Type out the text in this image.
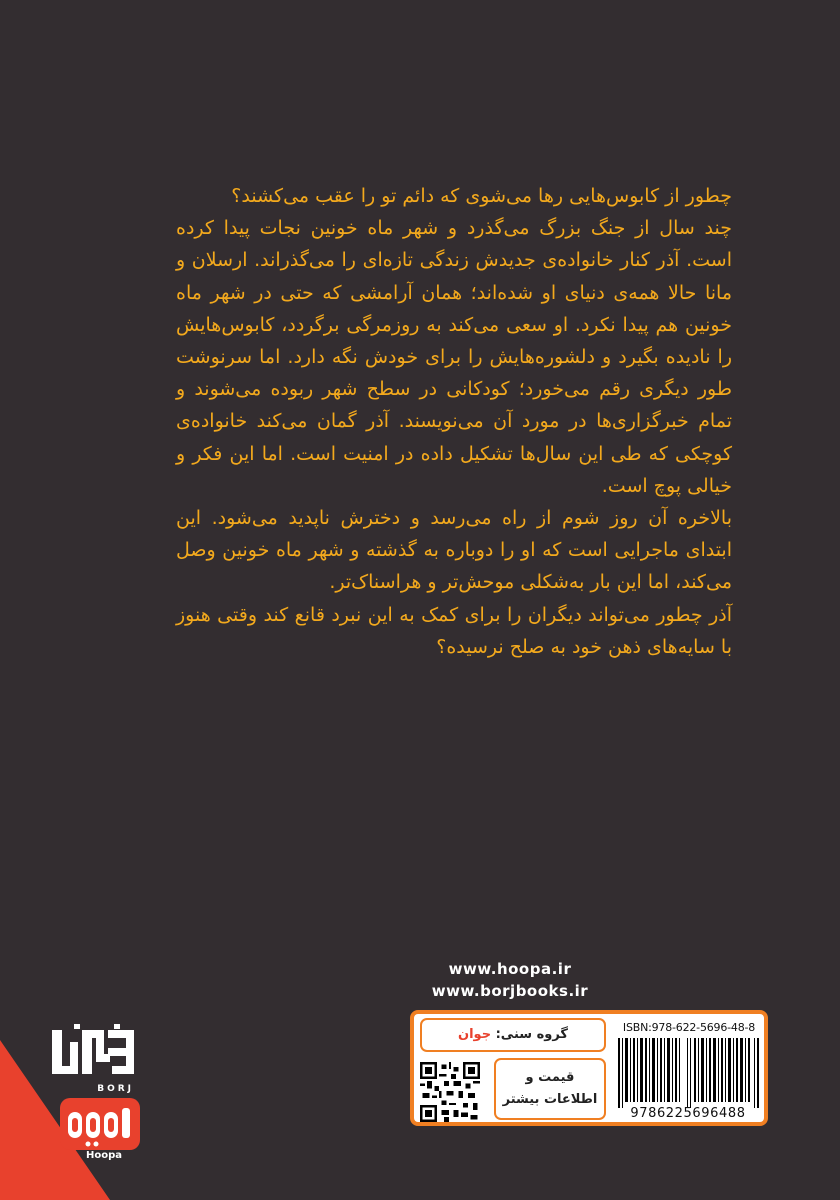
چطور از کابوس‌هایی رها می‌شوی که دائم تو را عقب می‌کشند؟

چند سال از جنگ بزرگ می‌گذرد و شهر ماه خونین نجات پیدا کرده است. آذر کنار خانواده‌ی جدیدش زندگی تازه‌ای را می‌گذراند. ارسلان و مانا حالا همه‌ی دنیای او شده‌اند؛ همان آرامشی که حتی در شهر ماه خونین هم پیدا نکرد. او سعی می‌کند به روزمرگی برگردد، کابوس‌هایش را نادیده بگیرد و دلشوره‌هایش را برای خودش نگه دارد. اما سرنوشت طور دیگری رقم می‌خورد؛ کودکانی در سطح شهر ربوده می‌شوند و تمام خبرگزاری‌ها در مورد آن می‌نویسند. آذر گمان می‌کند خانواده‌ی کوچکی که طی این سال‌ها تشکیل داده در امنیت است. اما این فکر و خیالی پوچ است.

بالاخره آن روز شوم از راه می‌رسد و دخترش ناپدید می‌شود. این ابتدای ماجرایی است که او را دوباره به گذشته و شهر ماه خونین وصل می‌کند، اما این بار به‌شکلی موحش‌تر و هراسناک‌تر.

آذر چطور می‌تواند دیگران را برای کمک به این نبرد قانع کند وقتی هنوز با سایه‌های ذهن خود به صلح نرسیده؟

www.hoopa.ir
www.borjbooks.ir
گروه سنی: جوان
قیمت و
اطلاعات بیشتر
ISBN:978-622-5696-48-8
9786225696488
BORJ
Hoopa
